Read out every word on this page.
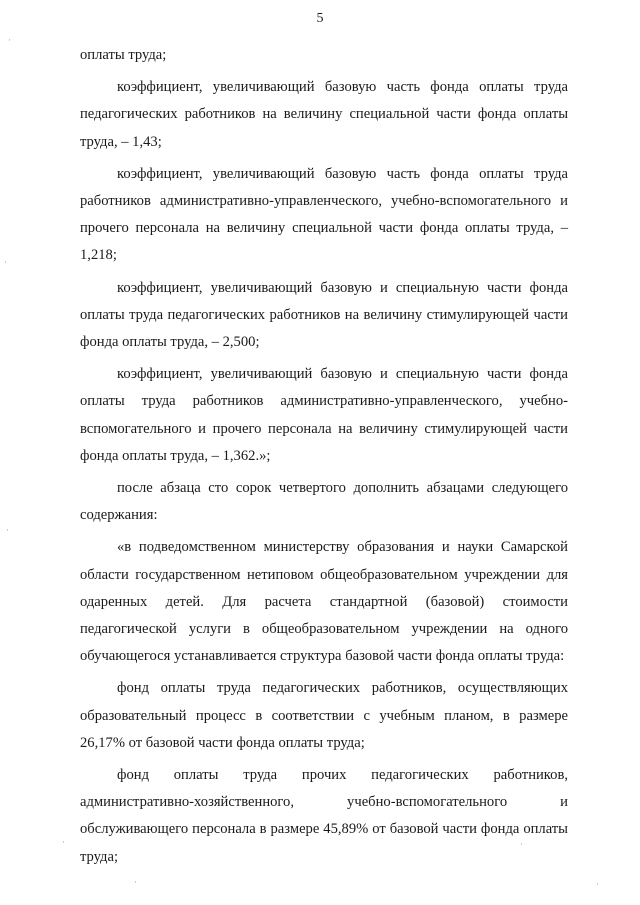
5

оплаты труда;

коэффициент, увеличивающий базовую часть фонда оплаты труда педагогических работников на величину специальной части фонда оплаты труда, – 1,43;

коэффициент, увеличивающий базовую часть фонда оплаты труда работников административно-управленческого, учебно-вспомогательного и прочего персонала на величину специальной части фонда оплаты труда, – 1,218;

коэффициент, увеличивающий базовую и специальную части фонда оплаты труда педагогических работников на величину стимулирующей части фонда оплаты труда, – 2,500;

коэффициент, увеличивающий базовую и специальную части фонда оплаты труда работников административно-управленческого, учебно-вспомогательного и прочего персонала на величину стимулирующей части фонда оплаты труда, – 1,362.»;

после абзаца сто сорок четвертого дополнить абзацами следующего содержания:

«в подведомственном министерству образования и науки Самарской области государственном нетиповом общеобразовательном учреждении для одаренных детей. Для расчета стандартной (базовой) стоимости педагогической услуги в общеобразовательном учреждении на одного обучающегося устанавливается структура базовой части фонда оплаты труда:

фонд оплаты труда педагогических работников, осуществляющих образовательный процесс в соответствии с учебным планом, в размере 26,17% от базовой части фонда оплаты труда;

фонд оплаты труда прочих педагогических работников, административно-хозяйственного, учебно-вспомогательного и обслуживающего персонала в размере 45,89% от базовой части фонда оплаты труда;

·
·
·
·	·
·	·
